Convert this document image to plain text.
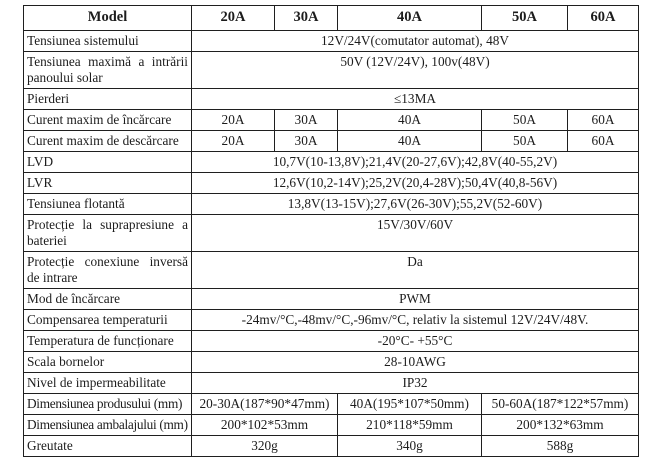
Model	20A	30A	40A	50A	60A
Tensiunea sistemului	12V/24V(comutator automat), 48V				
Tensiunea maximă a intrării panoului solar	50V (12V/24V), 100v(48V)				
Pierderi	≤13MA				
Curent maxim de încărcare	20A	30A	40A	50A	60A
Curent maxim de descărcare	20A	30A	40A	50A	60A
LVD	10,7V(10-13,8V);21,4V(20-27,6V);42,8V(40-55,2V)				
LVR	12,6V(10,2-14V);25,2V(20,4-28V);50,4V(40,8-56V)				
Tensiunea flotantă	13,8V(13-15V);27,6V(26-30V);55,2V(52-60V)				
Protecție la suprapresiune a bateriei	15V/30V/60V				
Protecție conexiune inversă de intrare	Da				
Mod de încărcare	PWM				
Compensarea temperaturii	-24mv/°C,-48mv/°C,-96mv/°C, relativ la sistemul 12V/24V/48V.				
Temperatura de funcționare	-20°C- +55°C				
Scala bornelor	28-10AWG				
Nivel de impermeabilitate	IP32				
Dimensiunea produsului (mm)	20-30A(187*90*47mm)		40A(195*107*50mm)	50-60A(187*122*57mm)	
Dimensiunea ambalajului (mm)	200*102*53mm		210*118*59mm	200*132*63mm	
Greutate	320g		340g	588g	
